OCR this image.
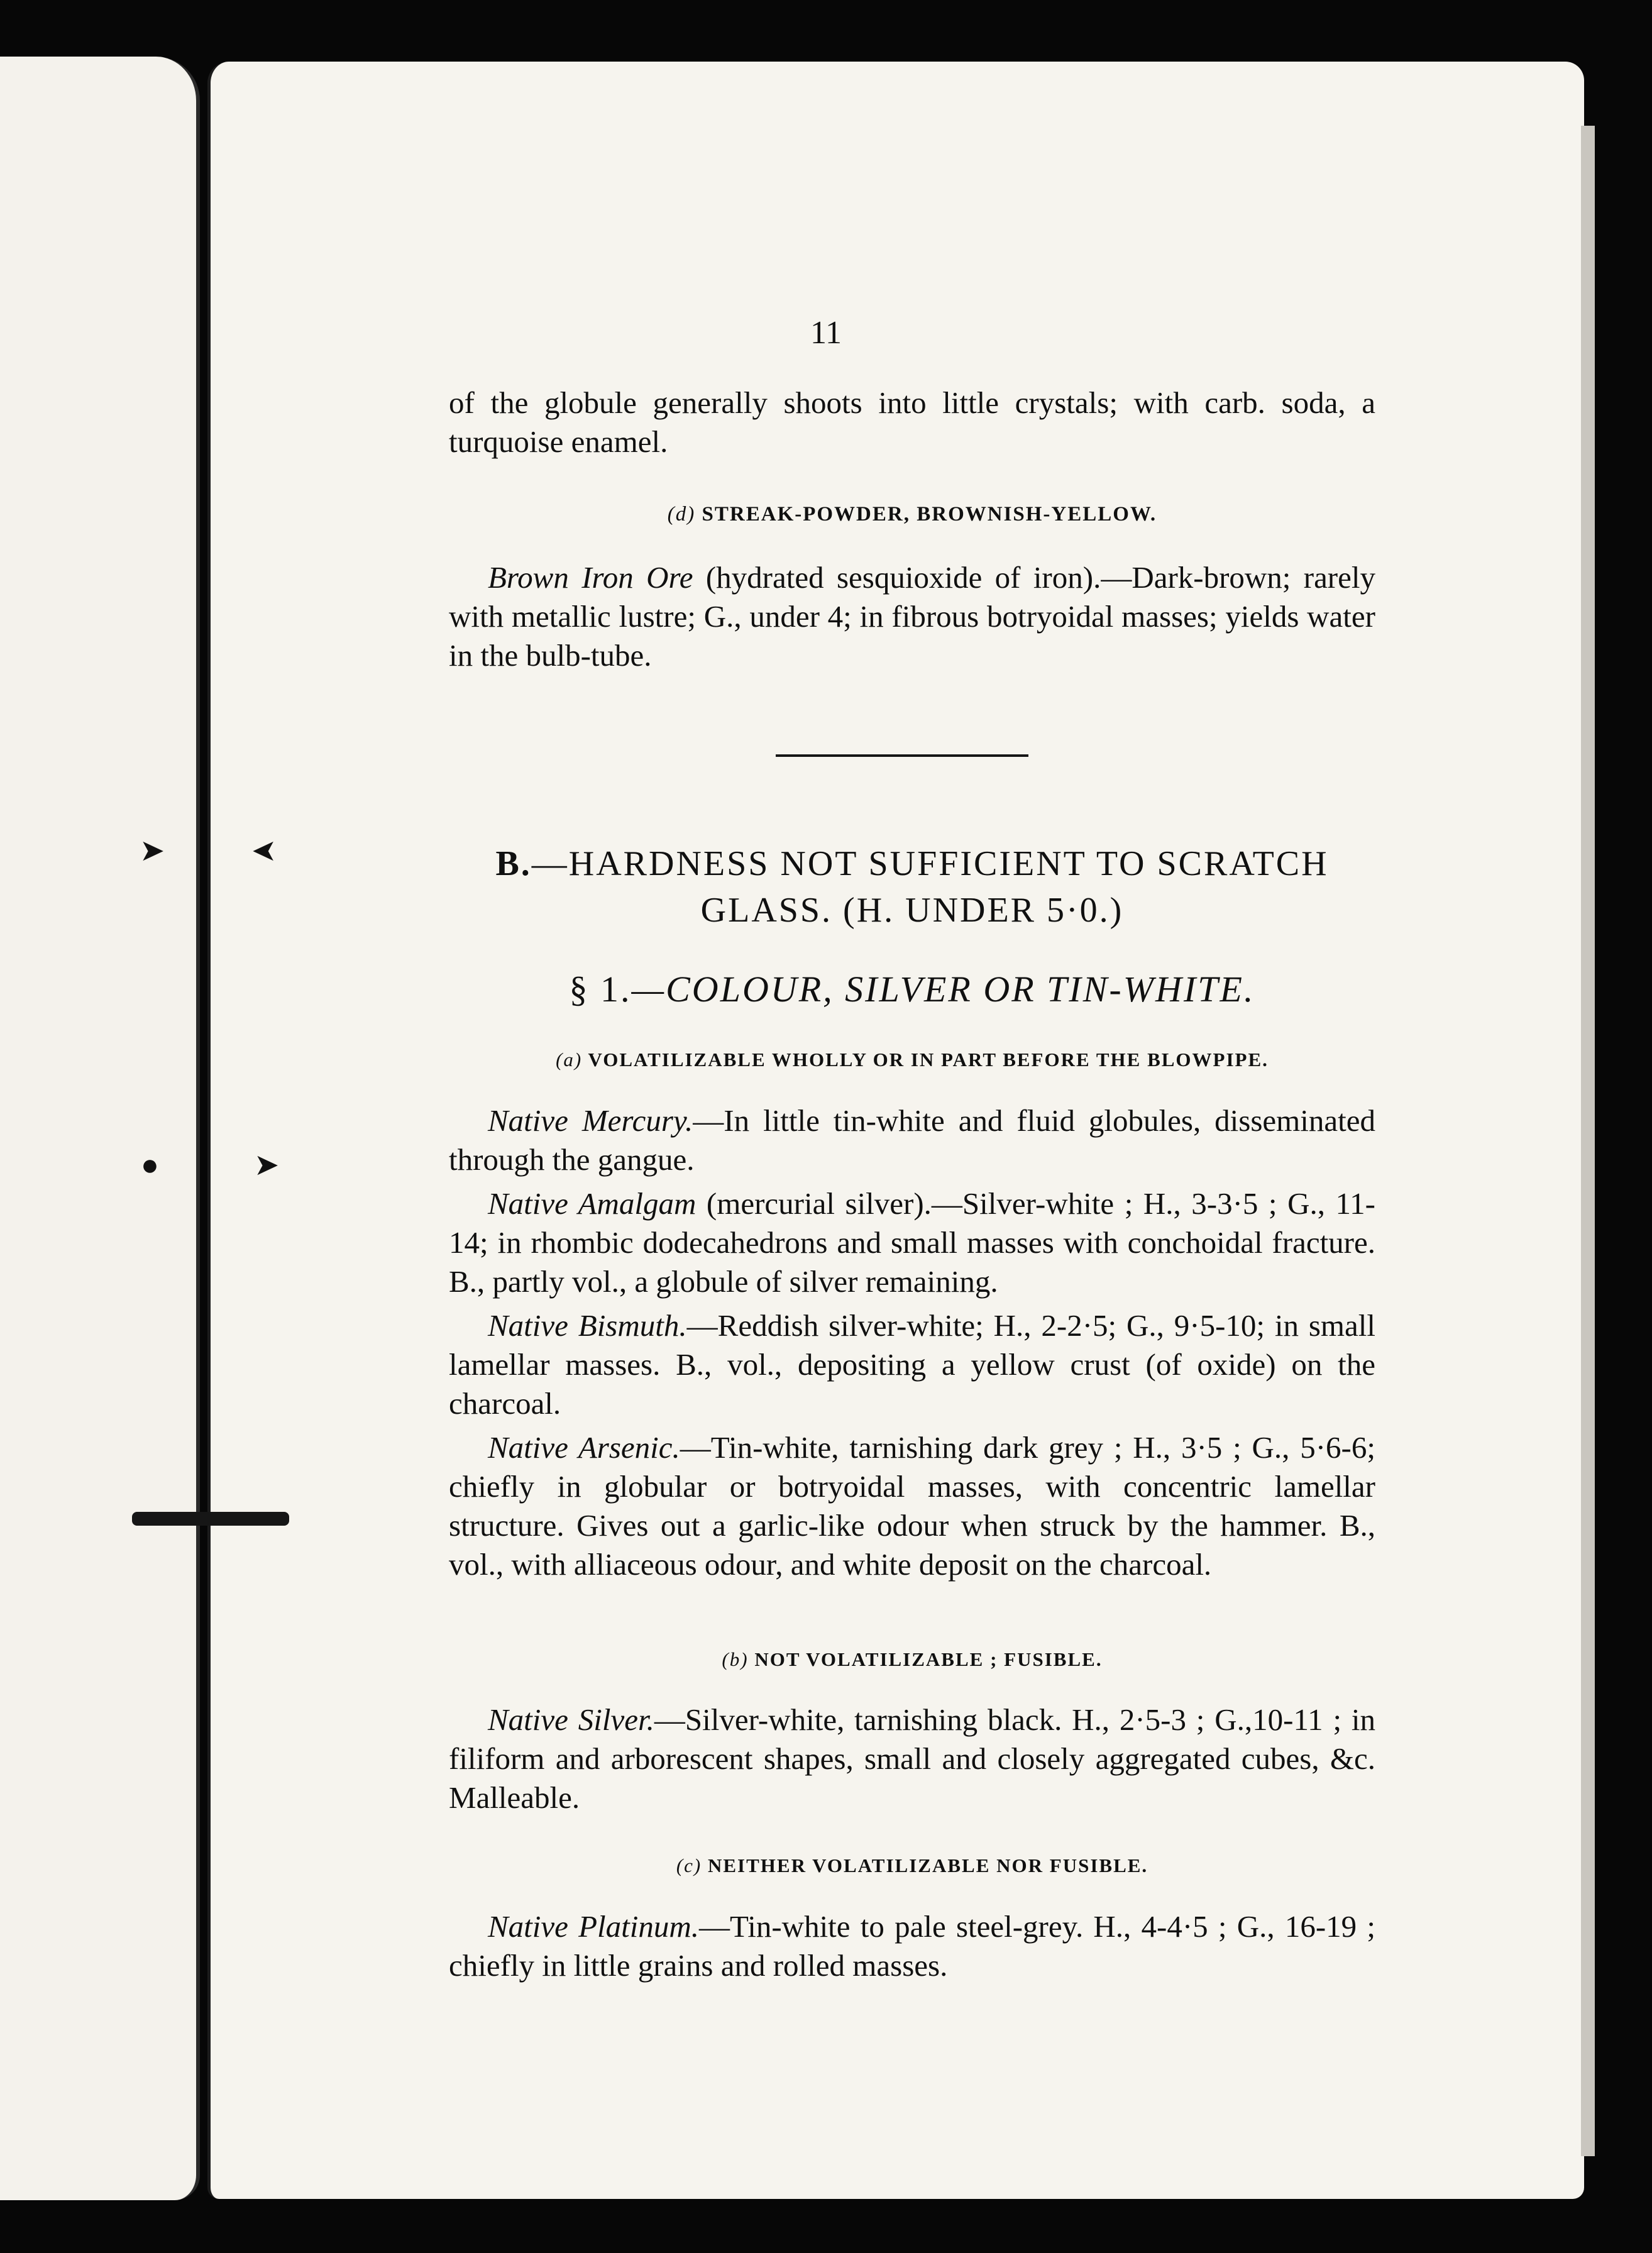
➤	➤
●	➤
11

of the globule generally shoots into little crystals; with carb. soda, a turquoise enamel.

(d) STREAK-POWDER, BROWNISH-YELLOW.

Brown Iron Ore (hydrated sesquioxide of iron).—Dark-brown; rarely with metallic lustre; G., under 4; in fibrous botryoidal masses; yields water in the bulb-tube.

B.—HARDNESS NOT SUFFICIENT TO SCRATCH
GLASS. (H. UNDER 5·0.)
§ 1.—COLOUR, SILVER OR TIN-WHITE.
(a) VOLATILIZABLE WHOLLY OR IN PART BEFORE THE BLOWPIPE.

Native Mercury.—In little tin-white and fluid globules, disseminated through the gangue.

Native Amalgam (mercurial silver).—Silver-white ; H., 3-3·5 ; G., 11-14; in rhombic dodecahedrons and small masses with conchoidal fracture. B., partly vol., a globule of silver remaining.

Native Bismuth.—Reddish silver-white; H., 2-2·5; G., 9·5-10; in small lamellar masses. B., vol., depositing a yellow crust (of oxide) on the charcoal.

Native Arsenic.—Tin-white, tarnishing dark grey ; H., 3·5 ; G., 5·6-6; chiefly in globular or botryoidal masses, with concentric lamellar structure. Gives out a garlic-like odour when struck by the hammer. B., vol., with alliaceous odour, and white deposit on the charcoal.

(b) NOT VOLATILIZABLE ; FUSIBLE.

Native Silver.—Silver-white, tarnishing black. H., 2·5-3 ; G.,10-11 ; in filiform and arborescent shapes, small and closely aggregated cubes, &c. Malleable.

(c) NEITHER VOLATILIZABLE NOR FUSIBLE.

Native Platinum.—Tin-white to pale steel-grey. H., 4-4·5 ; G., 16-19 ; chiefly in little grains and rolled masses.
